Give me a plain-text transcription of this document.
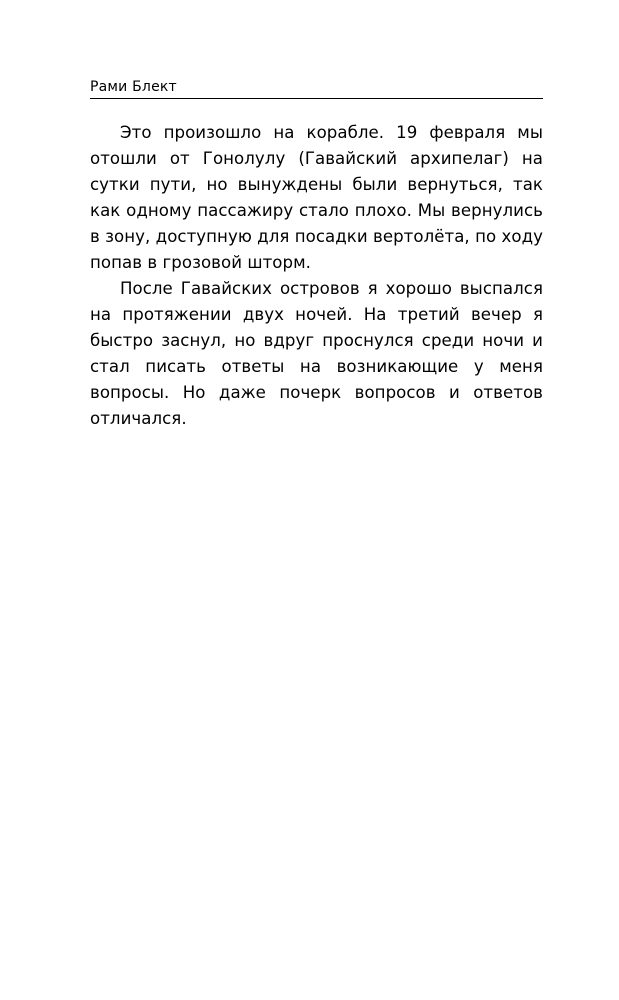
Рами Блект

Это произошло на корабле. 19 февраля мы отошли от Гонолулу (Гавайский архипелаг) на сутки пути, но вынуждены были вернуться, так как одному пассажиру стало плохо. Мы вернулись в зону, доступную для посадки вертолёта, по ходу попав в грозовой шторм.

После Гавайских островов я хорошо выспался на протяжении двух ночей. На третий вечер я быстро заснул, но вдруг проснулся среди ночи и стал писать ответы на возникающие у меня вопросы. Но даже почерк вопросов и ответов отличался.
